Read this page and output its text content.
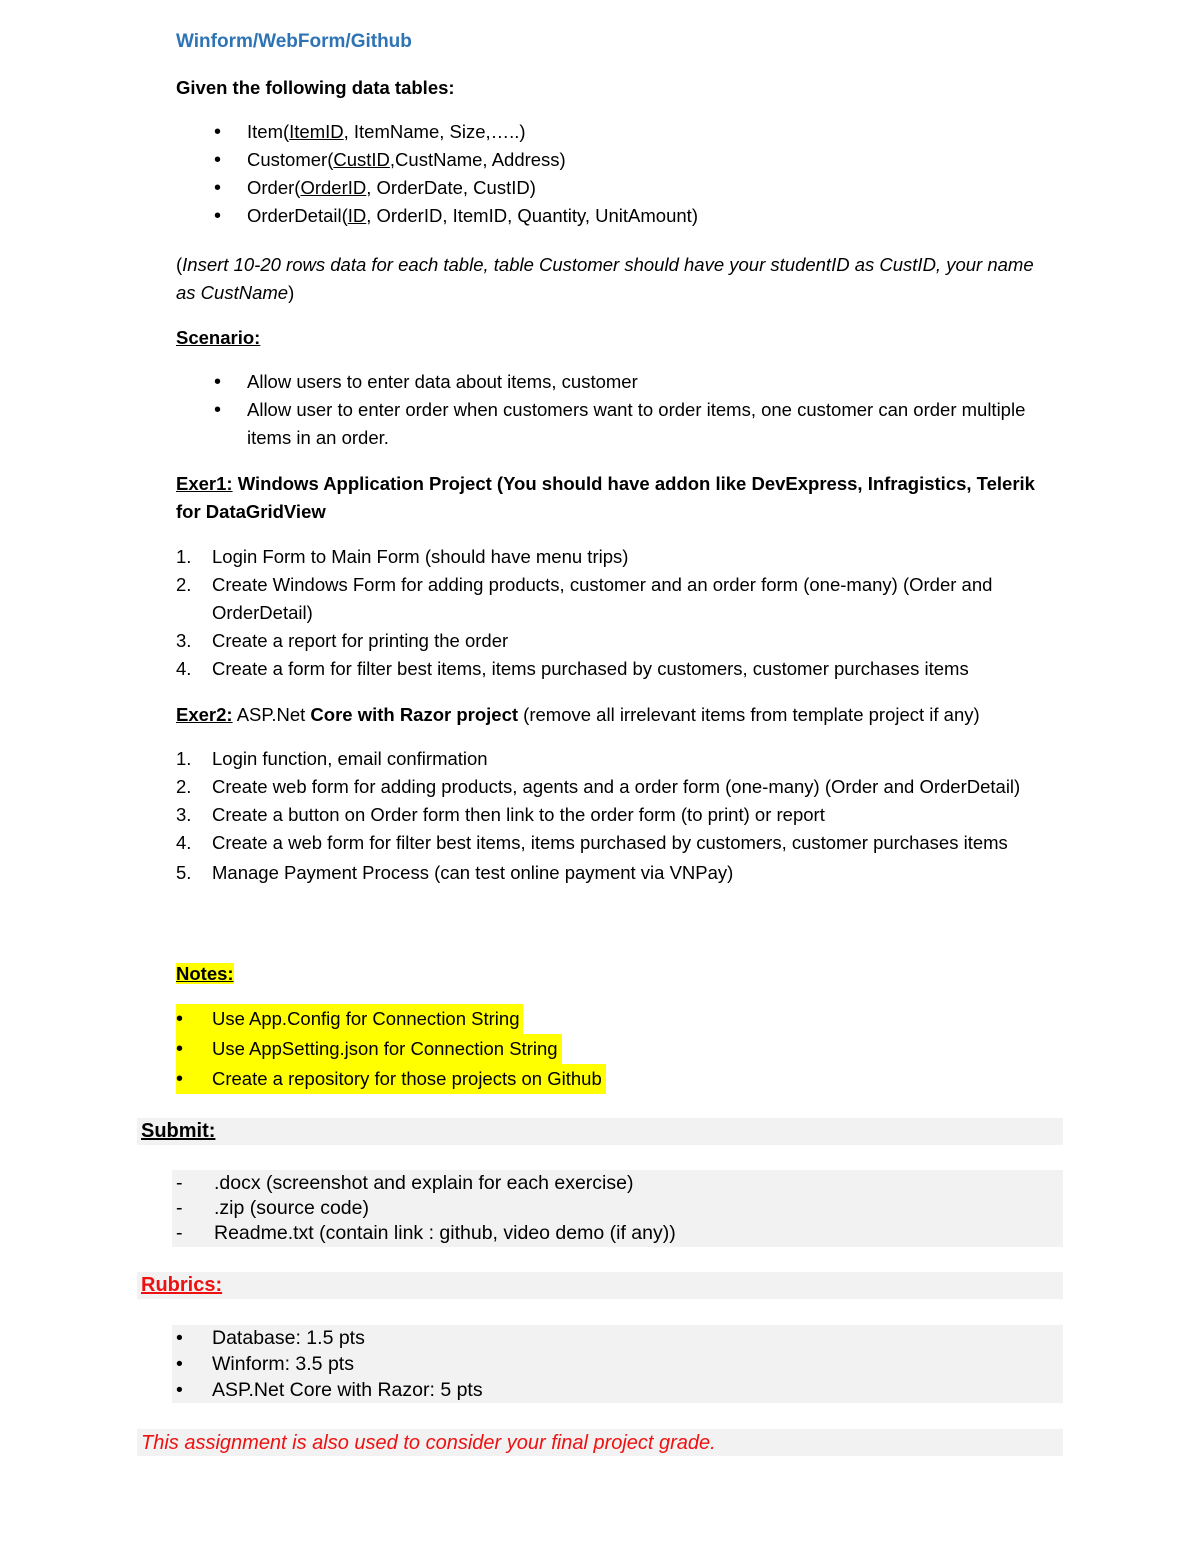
Winform/WebForm/Github
Given the following data tables:
• Item(ItemID, ItemName, Size,…..)
• Customer(CustID,CustName, Address)
• Order(OrderID, OrderDate, CustID)
• OrderDetail(ID, OrderID, ItemID, Quantity, UnitAmount)
(Insert 10-20 rows data for each table, table Customer should have your studentID as CustID, your name as CustName)
Scenario:
• Allow users to enter data about items, customer
• Allow user to enter order when customers want to order items, one customer can order multiple items in an order.
Exer1: Windows Application Project (You should have addon like DevExpress, Infragistics, Telerik for DataGridView
1. Login Form to Main Form (should have menu trips)
2. Create Windows Form for adding products, customer and an order form (one-many) (Order and OrderDetail)
3. Create a report for printing the order
4. Create a form for filter best items, items purchased by customers, customer purchases items
Exer2: ASP.Net Core with Razor project (remove all irrelevant items from template project if any)
1. Login function, email confirmation
2. Create web form for adding products, agents and a order form (one-many) (Order and OrderDetail)
3. Create a button on Order form then link to the order form (to print) or report
4. Create a web form for filter best items, items purchased by customers, customer purchases items
5. Manage Payment Process (can test online payment via VNPay)
Notes:
• Use App.Config for Connection String
• Use AppSetting.json for Connection String
• Create a repository for those projects on Github
Submit:
- .docx (screenshot and explain for each exercise)
- .zip (source code)
- Readme.txt (contain link : github, video demo (if any))
Rubrics:
• Database: 1.5 pts
• Winform: 3.5 pts
• ASP.Net Core with Razor: 5 pts
This assignment is also used to consider your final project grade.
